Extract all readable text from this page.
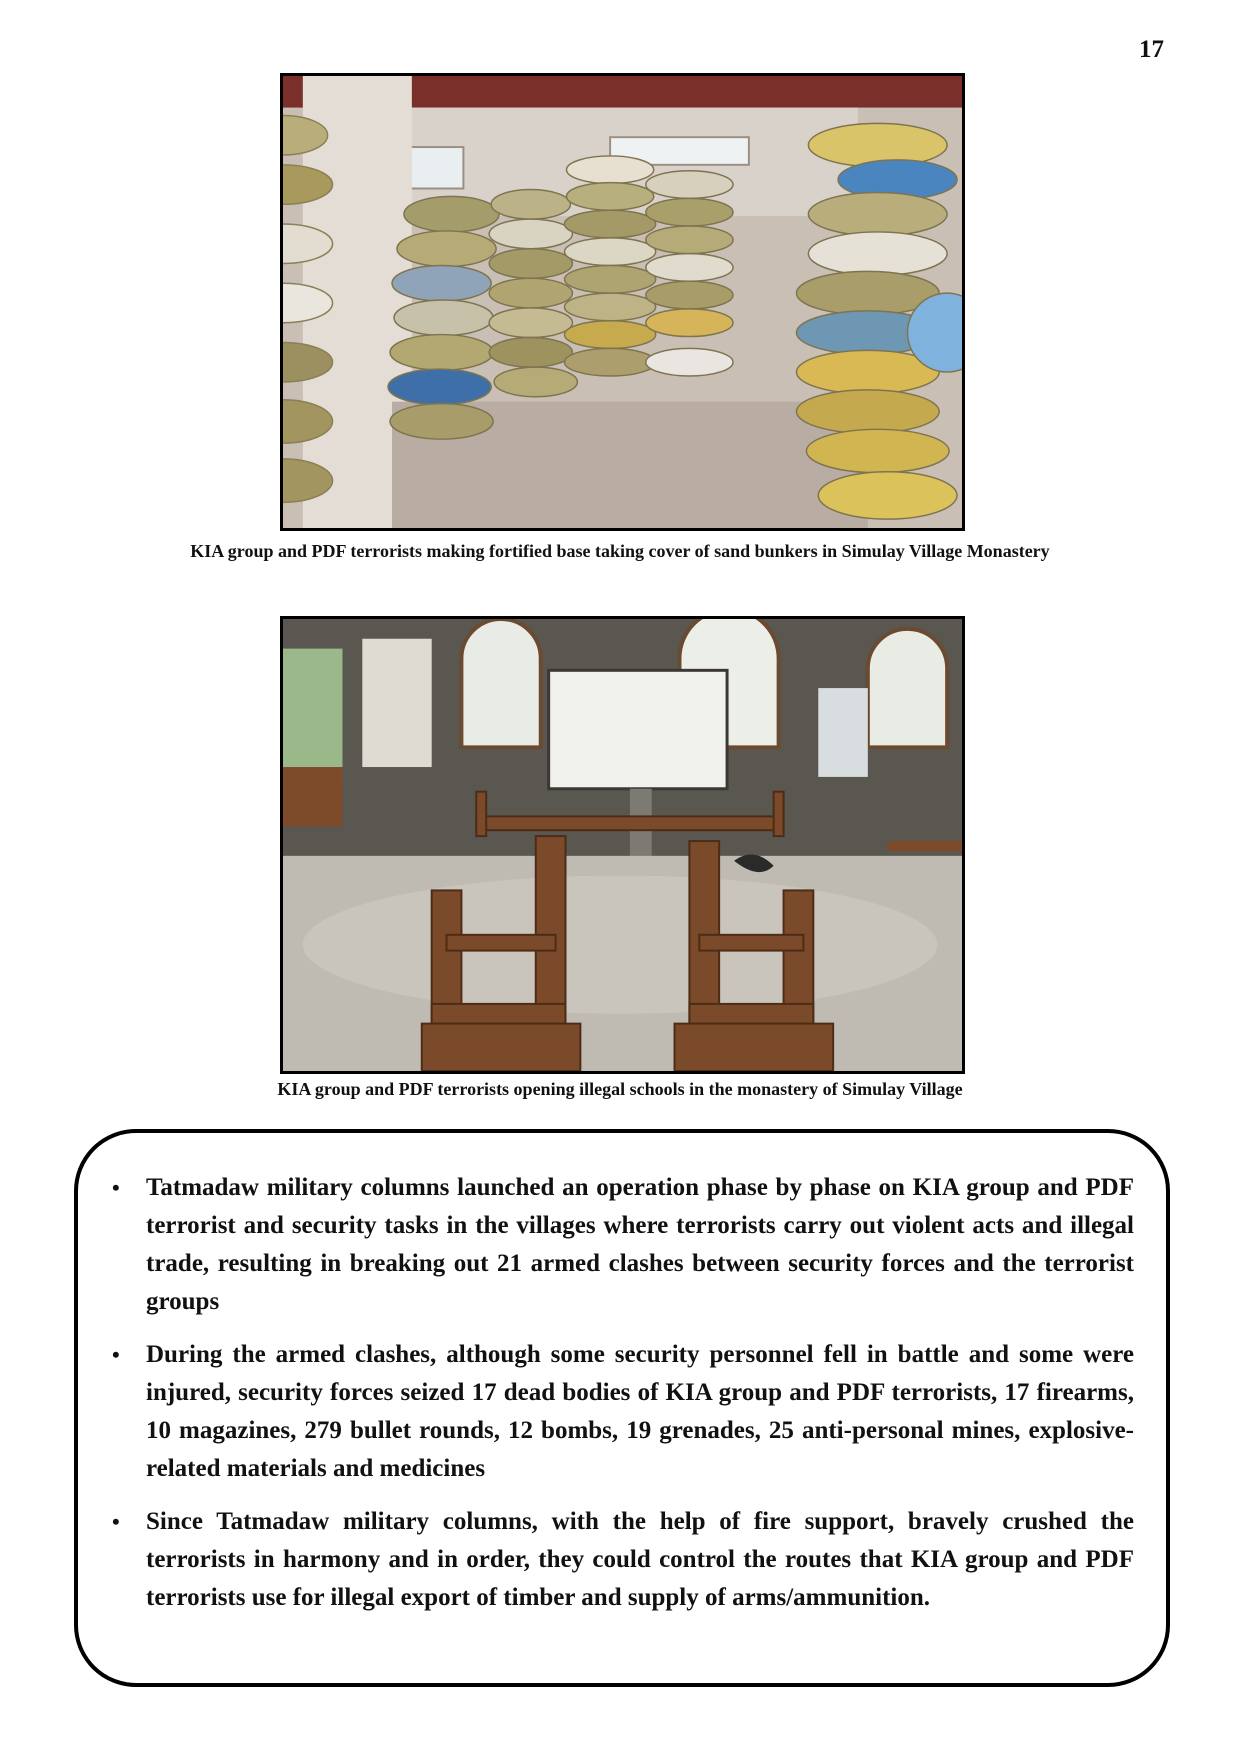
17
KIA group and PDF terrorists making fortified base taking cover of sand bunkers in Simulay Village Monastery
KIA group and PDF terrorists opening illegal schools in the monastery of Simulay Village
• Tatmadaw military columns launched an operation phase by phase on KIA group and PDF terrorist and security tasks in the villages where terrorists carry out violent acts and illegal trade, resulting in breaking out 21 armed clashes between security forces and the terrorist groups
• During the armed clashes, although some security personnel fell in battle and some were injured, security forces seized 17 dead bodies of KIA group and PDF terrorists, 17 firearms, 10 magazines, 279 bullet rounds, 12 bombs, 19 grenades, 25 anti-personal mines, explosive-related materials and medicines
• Since Tatmadaw military columns, with the help of fire support, bravely crushed the terrorists in harmony and in order, they could control the routes that KIA group and PDF terrorists use for illegal export of timber and supply of arms/ammunition.
